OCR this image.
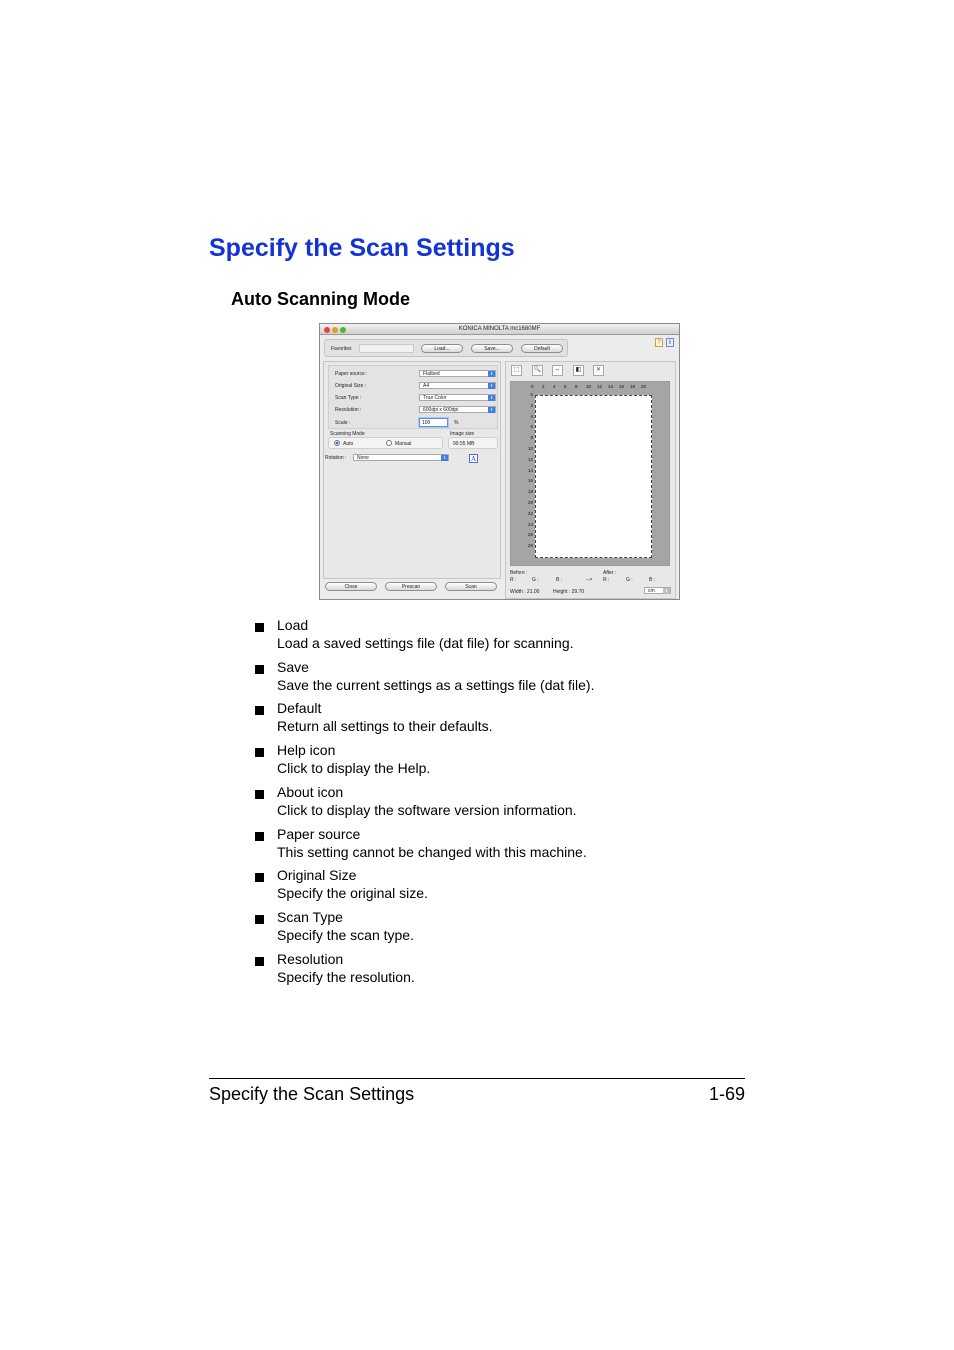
Specify the Scan Settings
Auto Scanning Mode
KONICA MINOLTA mc1680MF
Favorites	Load...	Save...	Default
?	i
Paper source :	Flatbed	⇕
Original Size :	A4	⇕
Scan Type :	True Color	⇕
Resolution :	600dpi x 600dpi	⇕
Scale :	100	%
Scanning Mode	Image size
Auto	Manual	99.55 MB
Rotation :	None	⇕	A
⬚	🔍	⇔	◧	✕
0 2 4 6 8 10 12 14 16 18 20
0
2
4
6
8
10
12
14
16
18
20
22
24
26
28
Before :	After :
R :	G :	B :	--> R :	G :	B :
Width : 21.00	Height : 29.70	cm	⇕
Close	Prescan	Scan
Load
Load a saved settings file (dat file) for scanning.
Save
Save the current settings as a settings file (dat file).
Default
Return all settings to their defaults.
Help icon
Click to display the Help.
About icon
Click to display the software version information.
Paper source
This setting cannot be changed with this machine.
Original Size
Specify the original size.
Scan Type
Specify the scan type.
Resolution
Specify the resolution.
Specify the Scan Settings	1-69
